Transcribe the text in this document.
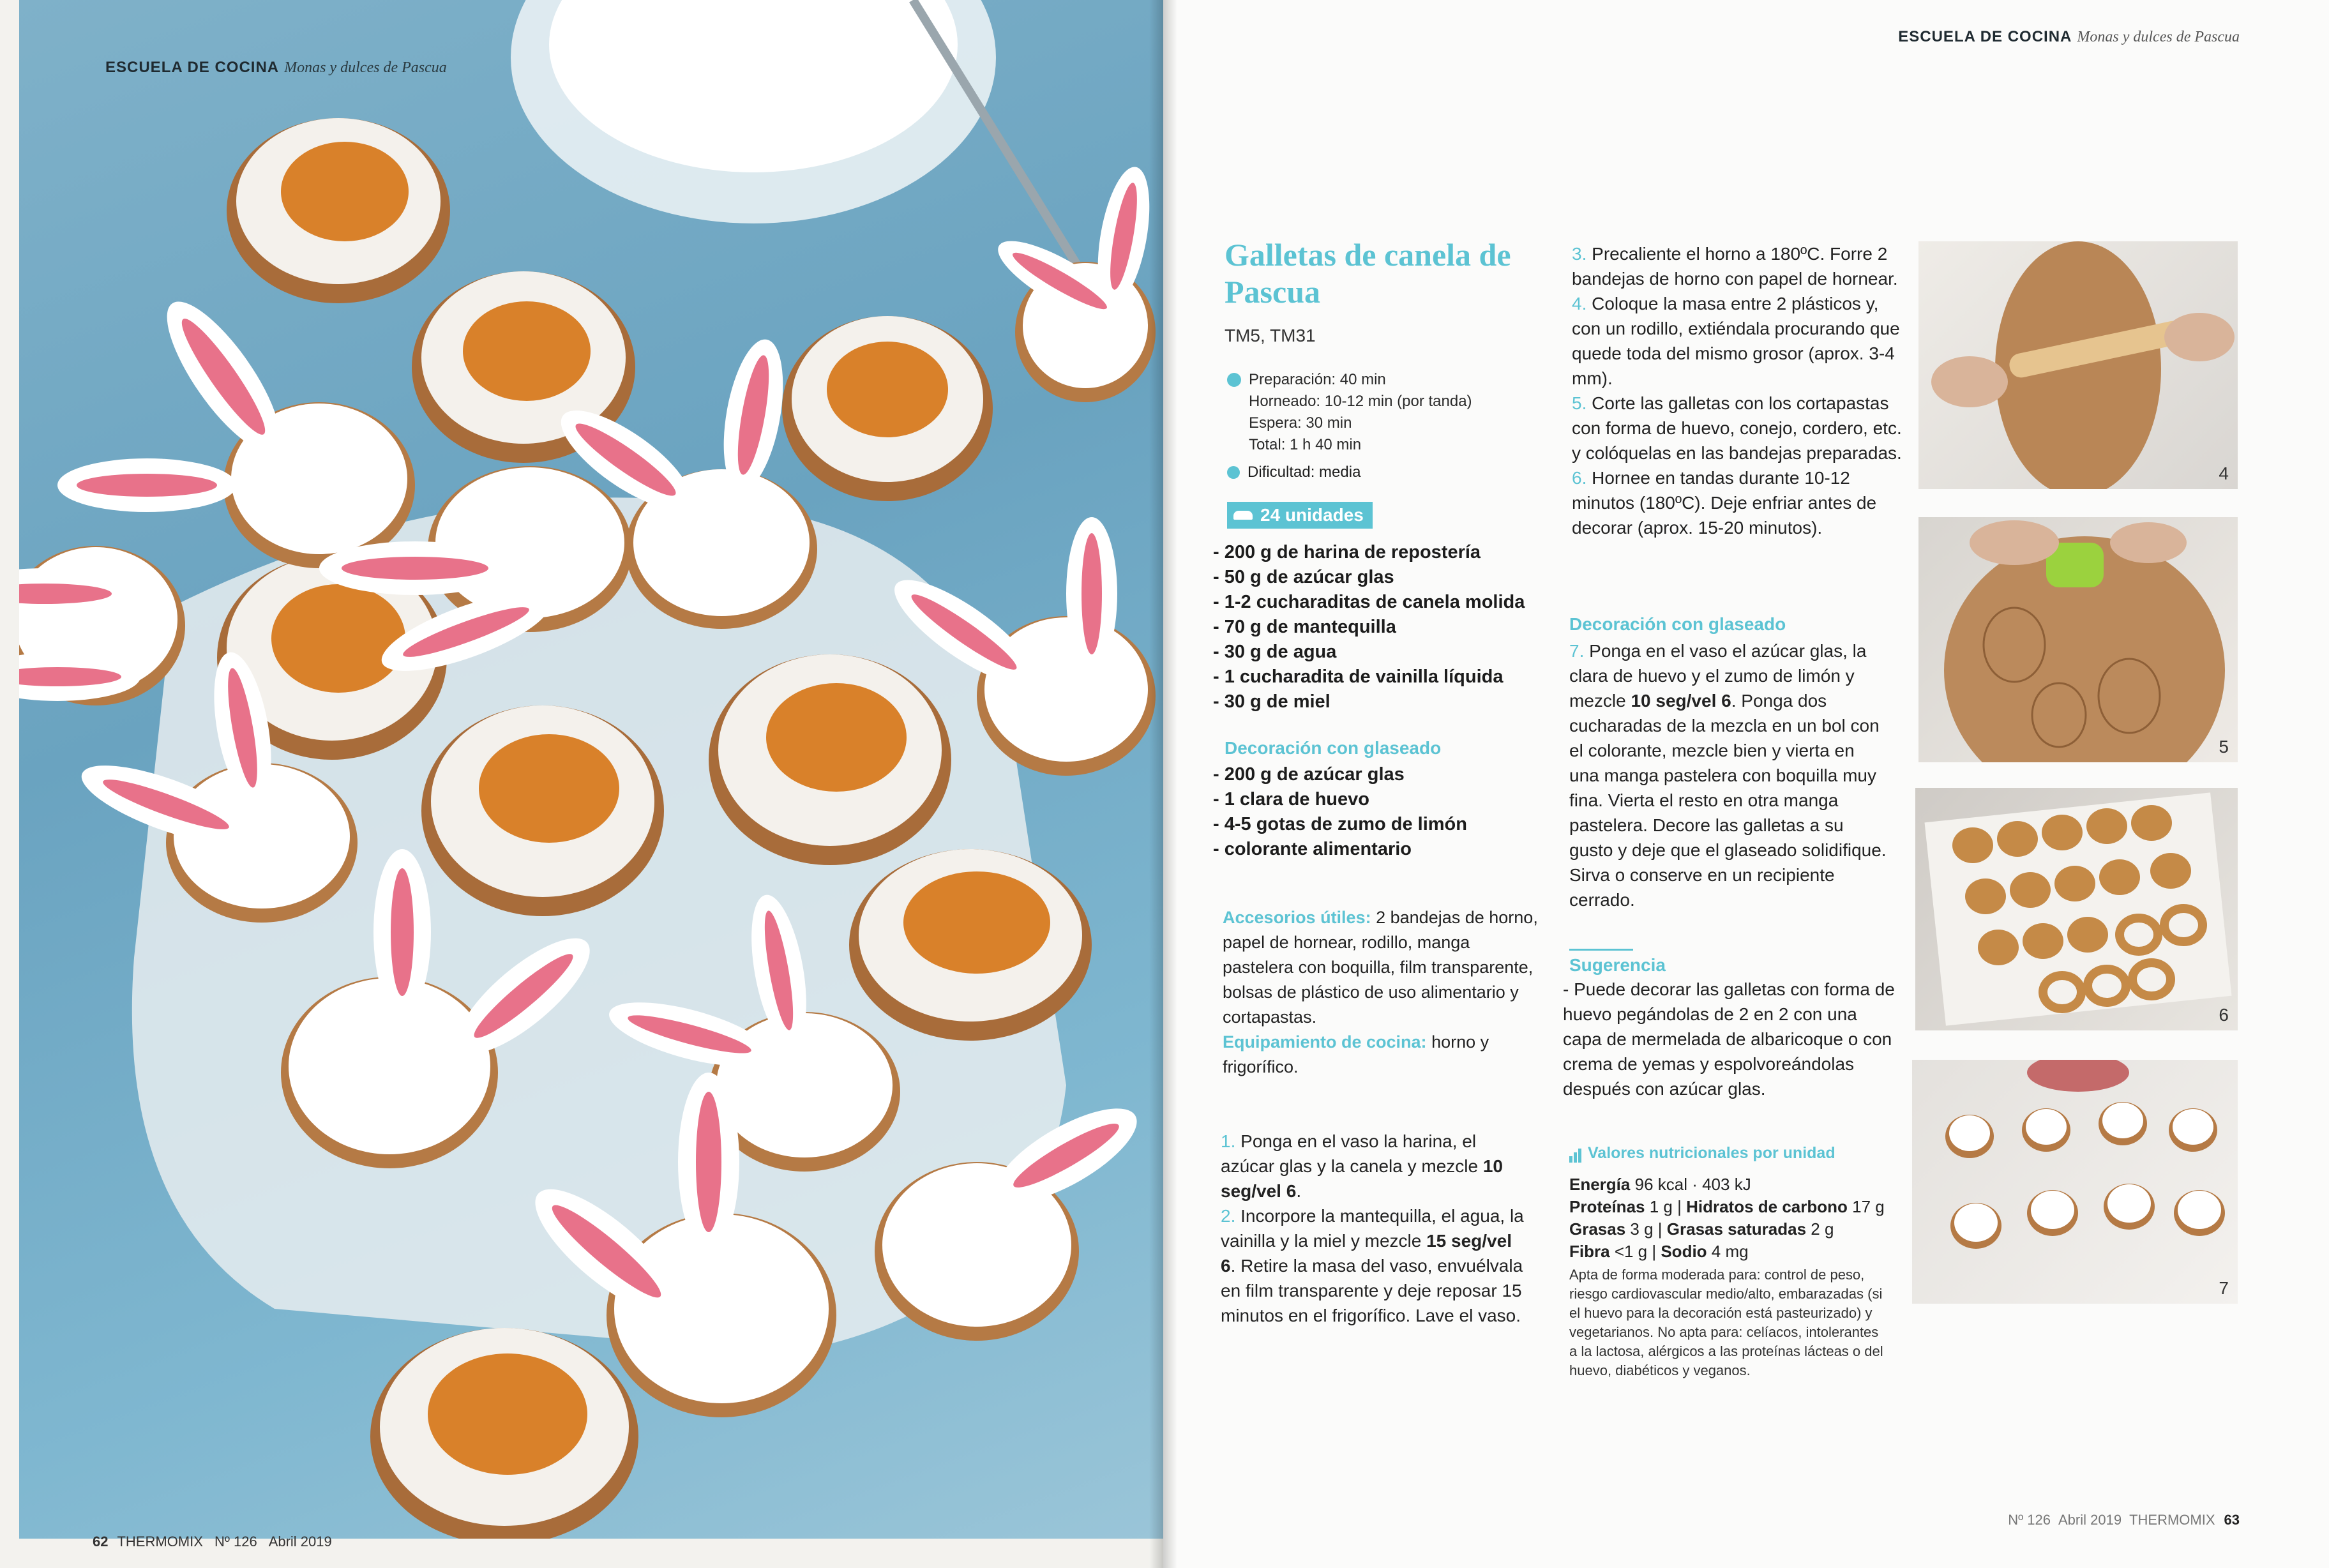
ESCUELA DE COCINA Monas y dulces de Pascua
62 THERMOMIX Nº 126 Abril 2019
ESCUELA DE COCINA Monas y dulces de Pascua
Nº 126 Abril 2019 THERMOMIX 63
Galletas de canela de Pascua
TM5, TM31
Preparación: 40 min
Horneado: 10-12 min (por tanda)
Espera: 30 min
Total: 1 h 40 min
Dificultad: media
24 unidades
- 200 g de harina de repostería
- 50 g de azúcar glas
- 1-2 cucharaditas de canela molida
- 70 g de mantequilla
- 30 g de agua
- 1 cucharadita de vainilla líquida
- 30 g de miel
Decoración con glaseado
- 200 g de azúcar glas
- 1 clara de huevo
- 4-5 gotas de zumo de limón
- colorante alimentario
Accesorios útiles: 2 bandejas de horno, papel de hornear, rodillo, manga pastelera con boquilla, film transparente, bolsas de plástico de uso alimentario y cortapastas.
Equipamiento de cocina: horno y frigorífico.

1. Ponga en el vaso la harina, el azúcar glas y la canela y mezcle 10 seg/vel 6.

2. Incorpore la mantequilla, el agua, la vainilla y la miel y mezcle 15 seg/vel 6. Retire la masa del vaso, envuélvala en film transparente y deje reposar 15 minutos en el frigorífico. Lave el vaso.

3. Precaliente el horno a 180ºC. Forre 2 bandejas de horno con papel de hornear.

4. Coloque la masa entre 2 plásticos y, con un rodillo, extiéndala procurando que quede toda del mismo grosor (aprox. 3-4 mm).

5. Corte las galletas con los cortapastas con forma de huevo, conejo, cordero, etc. y colóquelas en las bandejas preparadas.

6. Hornee en tandas durante 10-12 minutos (180ºC). Deje enfriar antes de decorar (aprox. 15-20 minutos).

Decoración con glaseado

7. Ponga en el vaso el azúcar glas, la clara de huevo y el zumo de limón y mezcle 10 seg/vel 6. Ponga dos cucharadas de la mezcla en un bol con el colorante, mezcle bien y vierta en una manga pastelera con boquilla muy fina. Vierta el resto en otra manga pastelera. Decore las galletas a su gusto y deje que el glaseado solidifique. Sirva o conserve en un recipiente cerrado.

Sugerencia

- Puede decorar las galletas con forma de huevo pegándolas de 2 en 2 con una capa de mermelada de albaricoque o con crema de yemas y espolvoreándolas después con azúcar glas.

Valores nutricionales por unidad
Energía 96 kcal · 403 kJ
Proteínas 1 g | Hidratos de carbono 17 g
Grasas 3 g | Grasas saturadas 2 g
Fibra <1 g | Sodio 4 mg

Apta de forma moderada para: control de peso, riesgo cardiovascular medio/alto, embarazadas (si el huevo para la decoración está pasteurizado) y vegetarianos. No apta para: celíacos, intolerantes a la lactosa, alérgicos a las proteínas lácteas o del huevo, diabéticos y veganos.

4
5
6
7
